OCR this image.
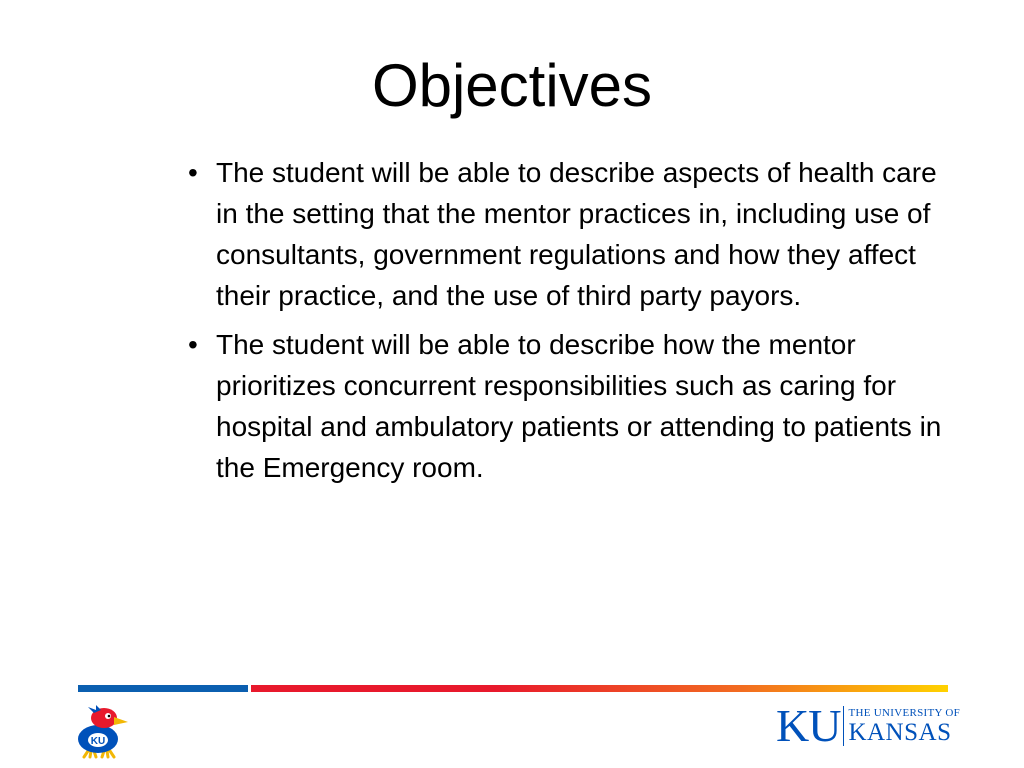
Objectives
• The student will be able to describe aspects of health care in the setting that the mentor practices in, including use of consultants, government regulations and how they affect their practice, and the use of third party payors.
• The student will be able to describe how the mentor prioritizes concurrent responsibilities such as caring for hospital and ambulatory patients or attending to patients in the Emergency room.
KU	KU THE UNIVERSITY OF
KANSAS
